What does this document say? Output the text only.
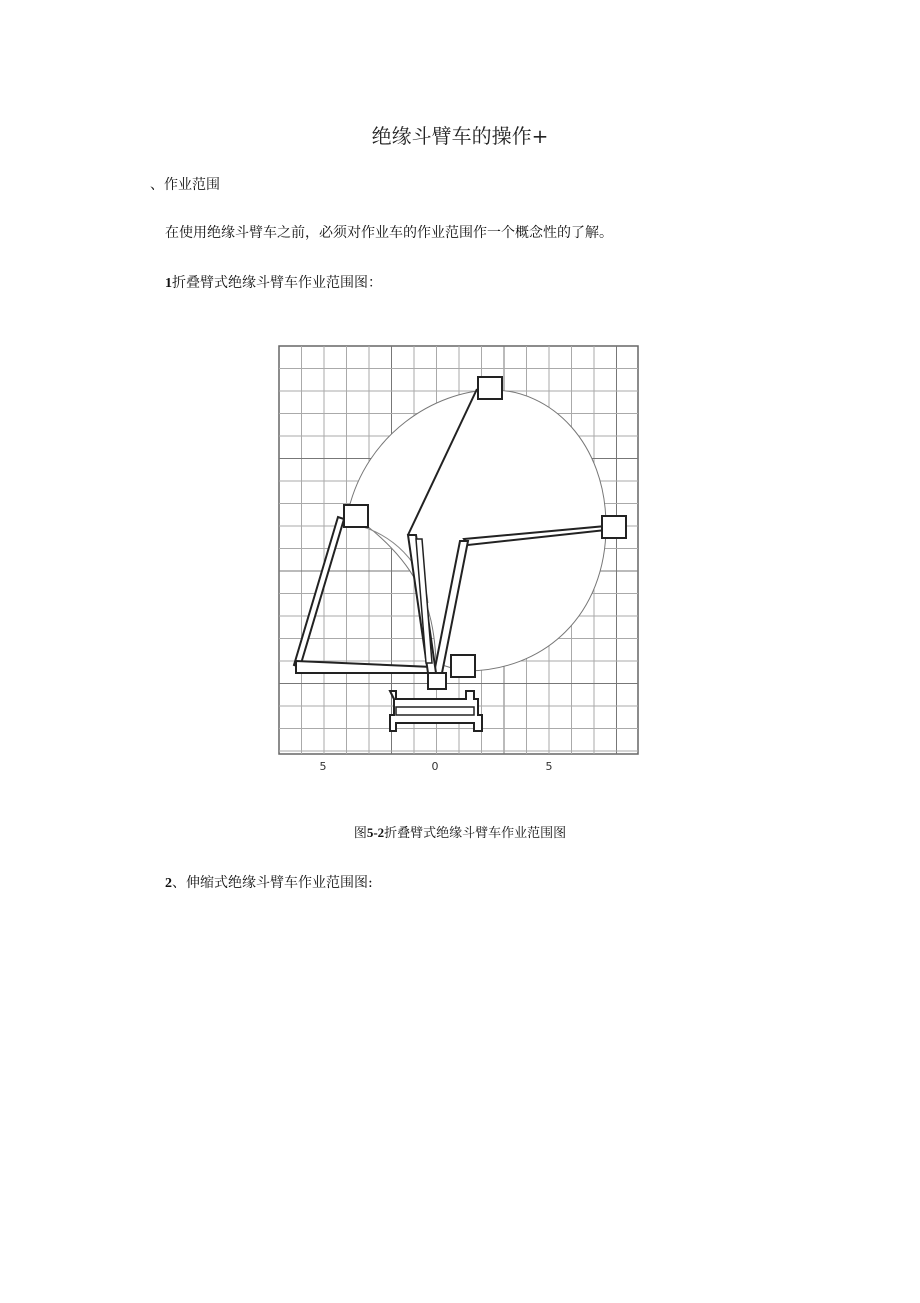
绝缘斗臂车的操作+
、作业范围
在使用绝缘斗臂车之前，必须对作业车的作业范围作一个概念性的了解。
1折叠臂式绝缘斗臂车作业范围图：
5	0	5
图5-2折叠臂式绝缘斗臂车作业范围图
2、伸缩式绝缘斗臂车作业范围图:
